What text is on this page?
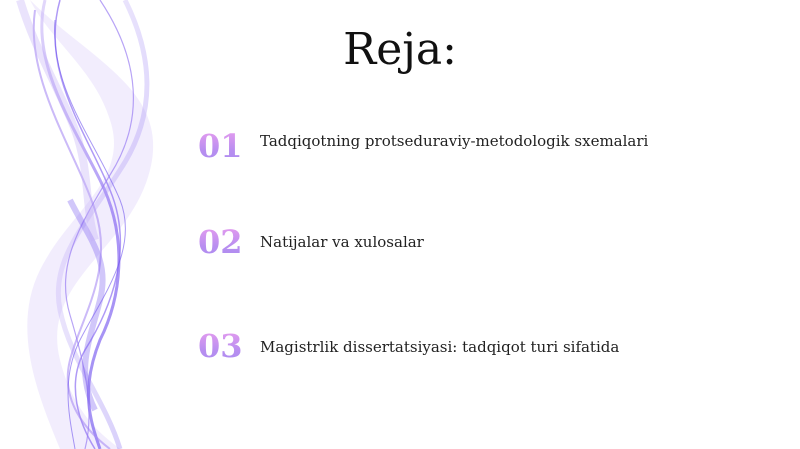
Reja:
01	Tadqiqotning protseduraviy-metodologik sxemalari
02	Natijalar va xulosalar
03	Magistrlik dissertatsiyasi: tadqiqot turi sifatida
